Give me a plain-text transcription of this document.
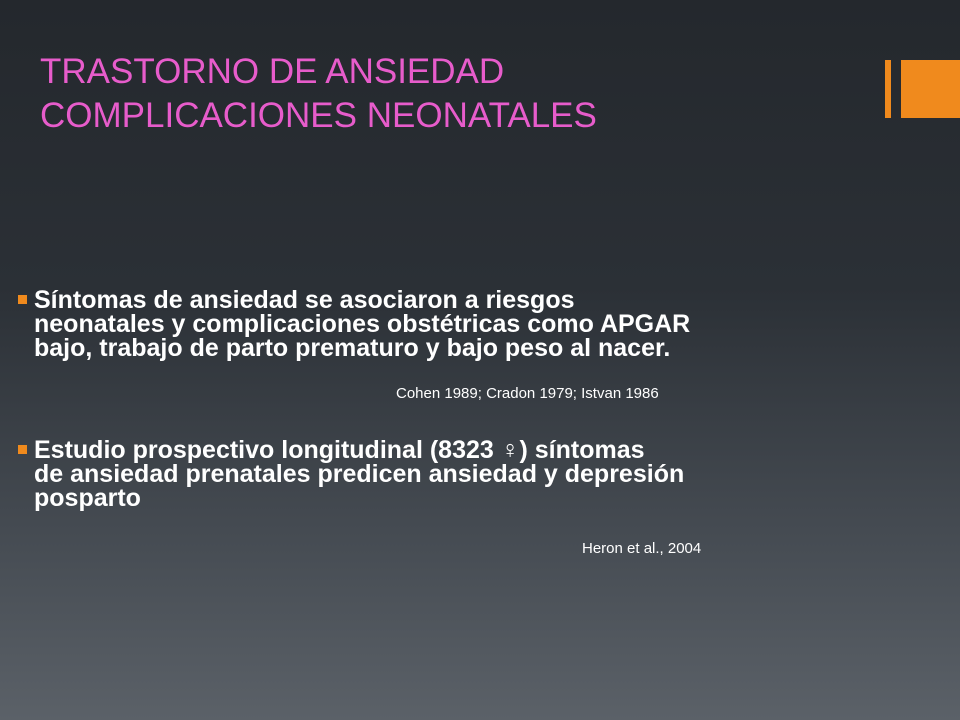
TRASTORNO DE ANSIEDAD
COMPLICACIONES NEONATALES
Síntomas de ansiedad se asociaron a riesgos
neonatales y complicaciones obstétricas como APGAR
bajo, trabajo de parto prematuro y bajo peso al nacer.
Cohen 1989; Cradon 1979; Istvan 1986
Estudio prospectivo longitudinal (8323 ♀) síntomas
de ansiedad prenatales predicen ansiedad y depresión
posparto
Heron et al., 2004
